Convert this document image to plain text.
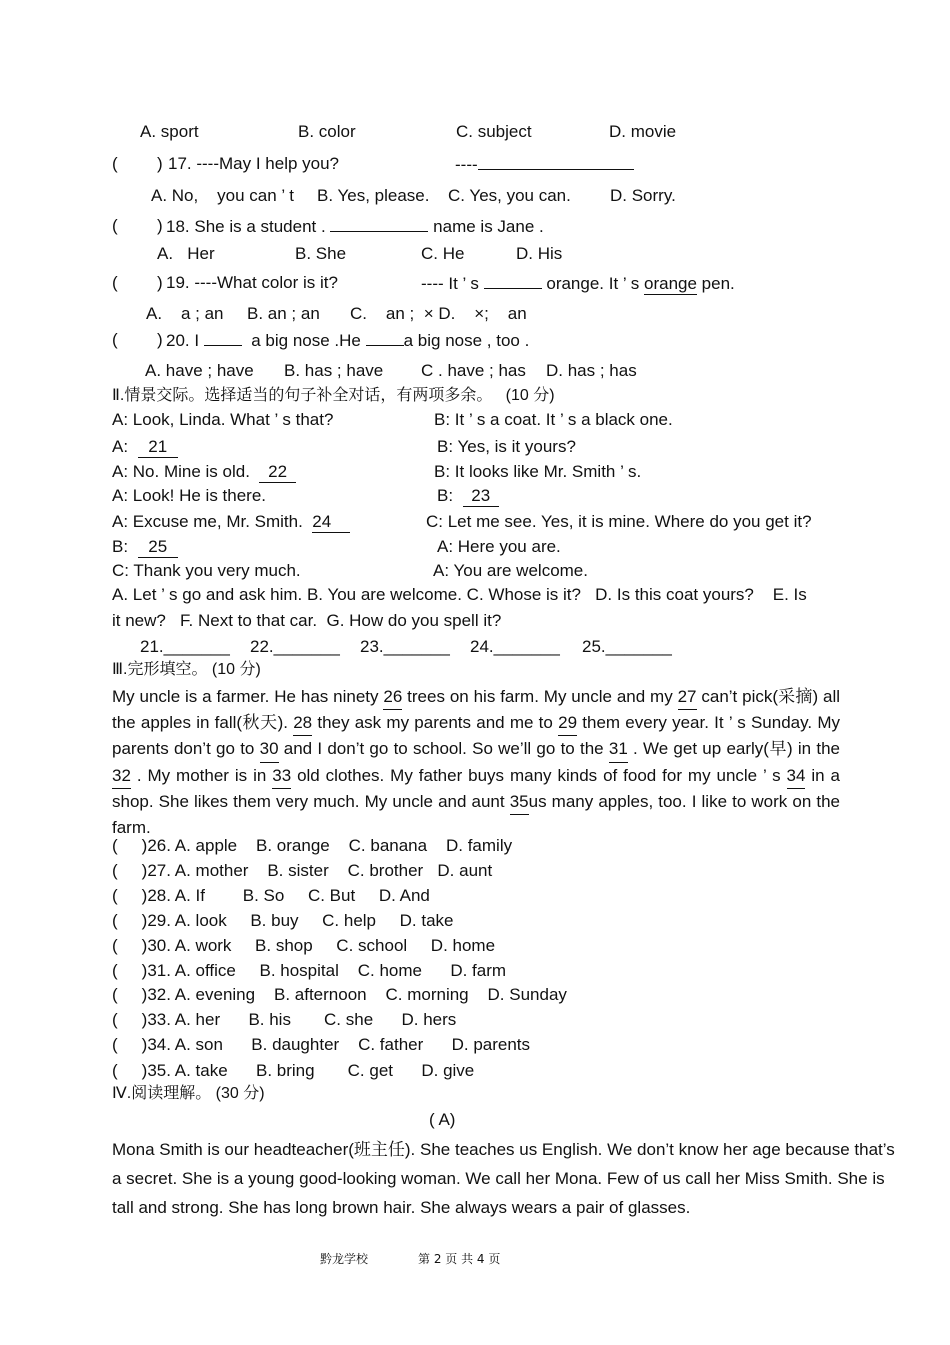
A. sport	B. color	C. subject	D. movie
( ) 17. ----May I help you?	----
A. No,    you can ’ t B. Yes, please. C. Yes, you can. D. Sorry.
( ) 18. She is a student .	name is Jane .
A.   Her	B. She	C. He	D. His
( ) 19. ----What color is it?	---- It ’ s	orange. It ’ s orange pen.
A.    a ; an B. an ; an C.    an ;  × D.    ×;    an
( ) 20. I   a big nose .He a big nose , too .
A. have ; have B. has ; have C . have ; has D. has ; has
Ⅱ.情景交际。选择适当的句子补全对话，有两项多余。   (10 分)
A: Look, Linda. What ’ s that?	B: It ’ s a coat. It ’ s a black one.
A:   21	B: Yes, is it yours?
A: No. Mine is old.   22	B: It looks like Mr. Smith ’ s.
A: Look! He is there.	B:   23
A: Excuse me, Mr. Smith.  24	C: Let me see. Yes, it is mine. Where do you get it?
B:   25	A: Here you are.
C: Thank you very much.	A: You are welcome.
A. Let ’ s go and ask him. B. You are welcome. C. Whose is it?   D. Is this coat yours?    E. Is
it new?   F. Next to that car.  G. How do you spell it?
21._______ 22._______ 23._______ 24._______ 25._______
Ⅲ.完形填空。 (10 分)
My uncle is a farmer. He has ninety 26 trees on his farm. My uncle and my 27 can’t pick(采摘) all the apples in fall(秋天). 28 they ask my parents and me to 29 them every year. It ’ s Sunday. My parents don’t go to 30 and I don’t go to school. So we’ll go to the 31 . We get up early(早) in the 32 . My mother is in 33 old clothes. My father buys many kinds of food for my uncle ’ s 34 in a shop. She likes them very much. My uncle and aunt 35us many apples, too. I like to work on the farm.
( )26. A. apple    B. orange    C. banana    D. family
( )27. A. mother    B. sister    C. brother   D. aunt
( )28. A. If        B. So     C. But     D. And
( )29. A. look     B. buy     C. help     D. take
( )30. A. work     B. shop     C. school     D. home
( )31. A. office     B. hospital    C. home      D. farm
( )32. A. evening    B. afternoon    C. morning    D. Sunday
( )33. A. her      B. his       C. she      D. hers
( )34. A. son      B. daughter    C. father      D. parents
( )35. A. take      B. bring       C. get      D. give
Ⅳ.阅读理解。 (30 分)
( A)
Mona Smith is our headteacher(班主任). She teaches us English. We don’t know her age because that’s a secret. She is a young good-looking woman. We call her Mona. Few of us call her Miss Smith. She is tall and strong. She has long brown hair. She always wears a pair of glasses.
黔龙学校	第 2 页 共 4 页
